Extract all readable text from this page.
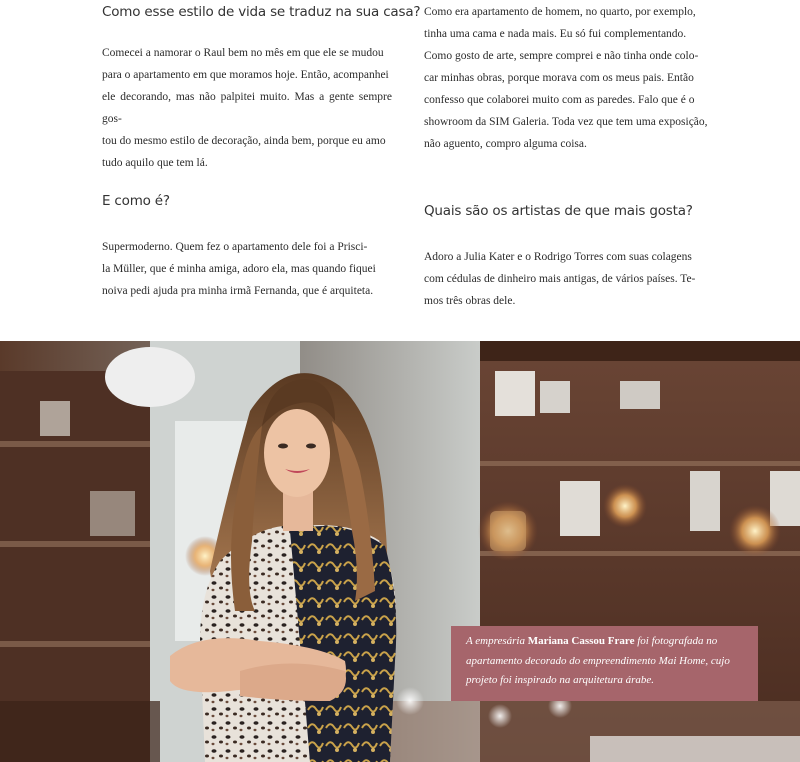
Como esse estilo de vida se traduz na sua casa?

Comecei a namorar o Raul bem no mês em que ele se mudou
para o apartamento em que moramos hoje. Então, acompanhei
ele decorando, mas não palpitei muito. Mas a gente sempre gos-
tou do mesmo estilo de decoração, ainda bem, porque eu amo
tudo aquilo que tem lá.

E como é?

Supermoderno. Quem fez o apartamento dele foi a Prisci-
la Müller, que é minha amiga, adoro ela, mas quando fiquei
noiva pedi ajuda pra minha irmã Fernanda, que é arquiteta.

Como era apartamento de homem, no quarto, por exemplo,
tinha uma cama e nada mais. Eu só fui complementando.
Como gosto de arte, sempre comprei e não tinha onde colo-
car minhas obras, porque morava com os meus pais. Então
confesso que colaborei muito com as paredes. Falo que é o
showroom da SIM Galeria. Toda vez que tem uma exposição,
não aguento, compro alguma coisa.

Quais são os artistas de que mais gosta?

Adoro a Julia Kater e o Rodrigo Torres com suas colagens
com cédulas de dinheiro mais antigas, de vários países. Te-
mos três obras dele.

A empresária Mariana Cassou Frare foi fotografada no
apartamento decorado do empreendimento Mai Home, cujo
projeto foi inspirado na arquitetura árabe.
